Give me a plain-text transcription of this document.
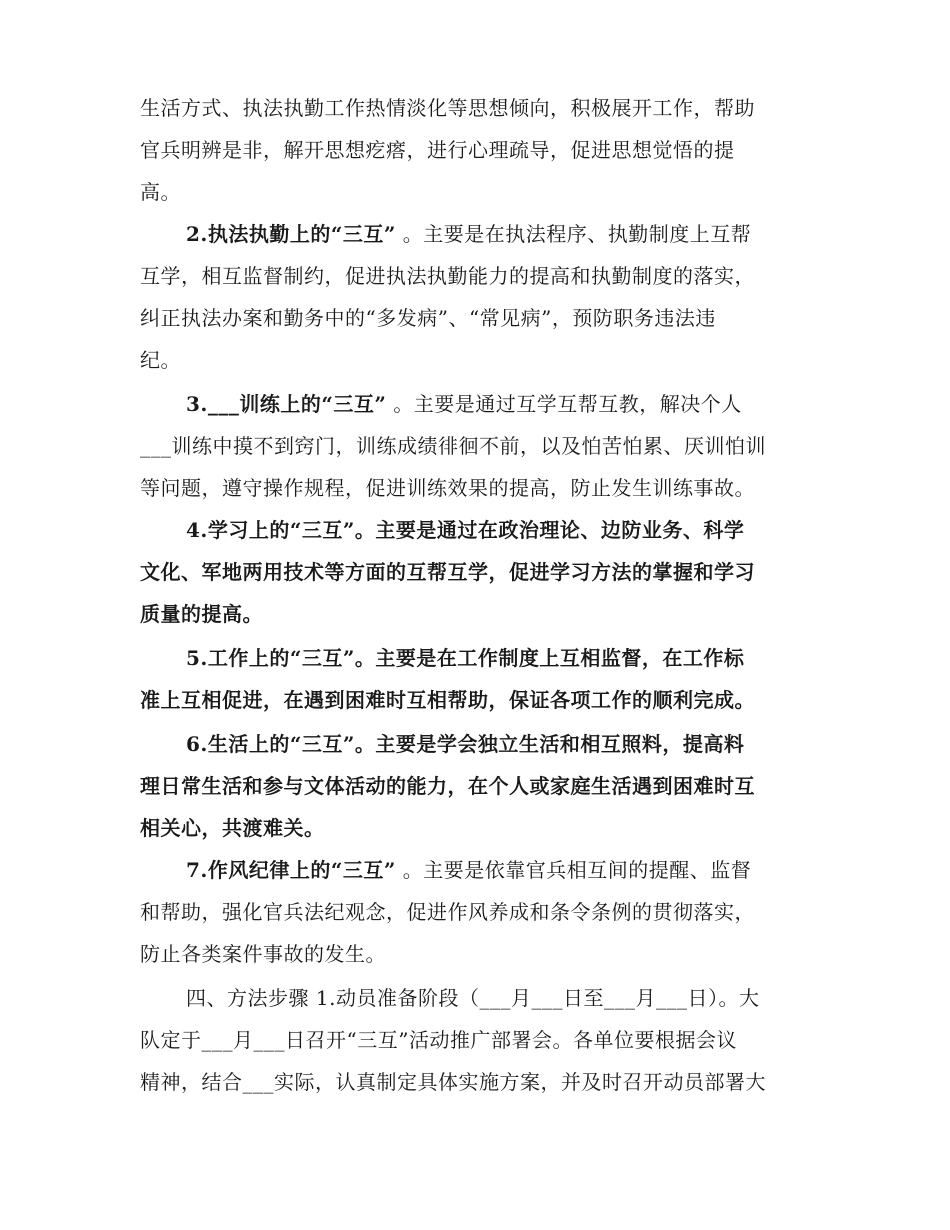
生活方式、执法执勤工作热情淡化等思想倾向，积极展开工作，帮助
官兵明辨是非，解开思想疙瘩，进行心理疏导，促进思想觉悟的提
高。
2.执法执勤上的“三互” 。主要是在执法程序、执勤制度上互帮
互学，相互监督制约，促进执法执勤能力的提高和执勤制度的落实，
纠正执法办案和勤务中的“多发病”、“常见病”，预防职务违法违
纪。
3.___训练上的“三互” 。主要是通过互学互帮互教，解决个人
___训练中摸不到窍门，训练成绩徘徊不前，以及怕苦怕累、厌训怕训
等问题，遵守操作规程，促进训练效果的提高，防止发生训练事故。
4.学习上的“三互”。主要是通过在政治理论、边防业务、科学
文化、军地两用技术等方面的互帮互学，促进学习方法的掌握和学习
质量的提高。
5.工作上的“三互”。主要是在工作制度上互相监督，在工作标
准上互相促进，在遇到困难时互相帮助，保证各项工作的顺利完成。
6.生活上的“三互”。主要是学会独立生活和相互照料，提高料
理日常生活和参与文体活动的能力，在个人或家庭生活遇到困难时互
相关心，共渡难关。
7.作风纪律上的“三互” 。主要是依靠官兵相互间的提醒、监督
和帮助，强化官兵法纪观念，促进作风养成和条令条例的贯彻落实，
防止各类案件事故的发生。
四、方法步骤 1.动员准备阶段（___月___日至___月___日）。大
队定于___月___日召开“三互”活动推广部署会。各单位要根据会议
精神，结合___实际，认真制定具体实施方案，并及时召开动员部署大
